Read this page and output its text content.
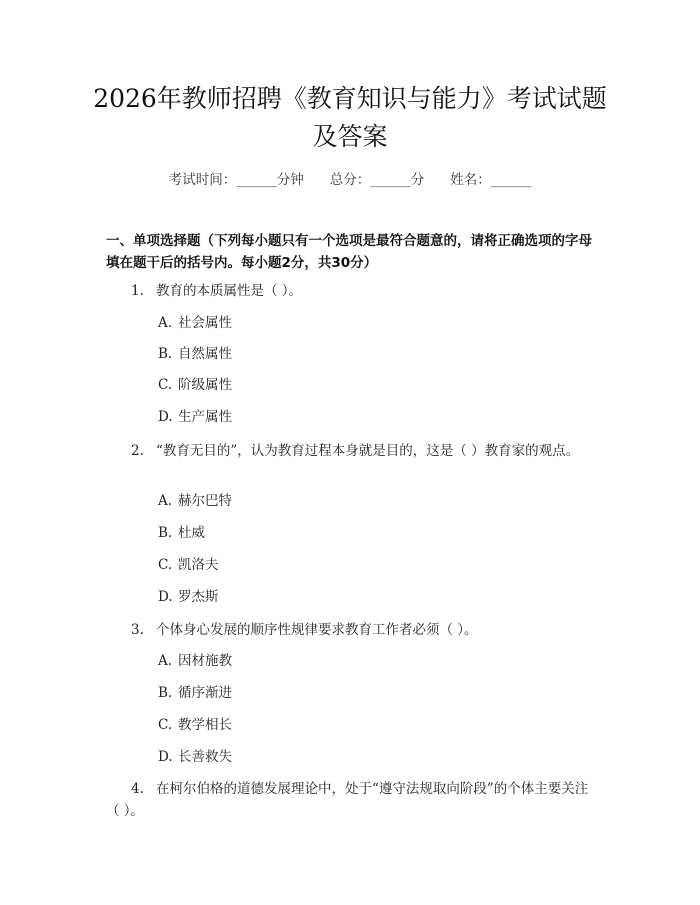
2026年教师招聘《教育知识与能力》考试试题及答案
考试时间：______分钟 总分：______分 姓名：______
一、单项选择题（下列每小题只有一个选项是最符合题意的，请将正确选项的字母填在题干后的括号内。每小题2分，共30分）
1. 教育的本质属性是（ ）。
A. 社会属性
B. 自然属性
C. 阶级属性
D. 生产属性
2. “教育无目的”，认为教育过程本身就是目的，这是（ ）教育家的观点。
A. 赫尔巴特
B. 杜威
C. 凯洛夫
D. 罗杰斯
3. 个体身心发展的顺序性规律要求教育工作者必须（ ）。
A. 因材施教
B. 循序渐进
C. 教学相长
D. 长善救失
4. 在柯尔伯格的道德发展理论中，处于“遵守法规取向阶段”的个体主要关注（ ）。
